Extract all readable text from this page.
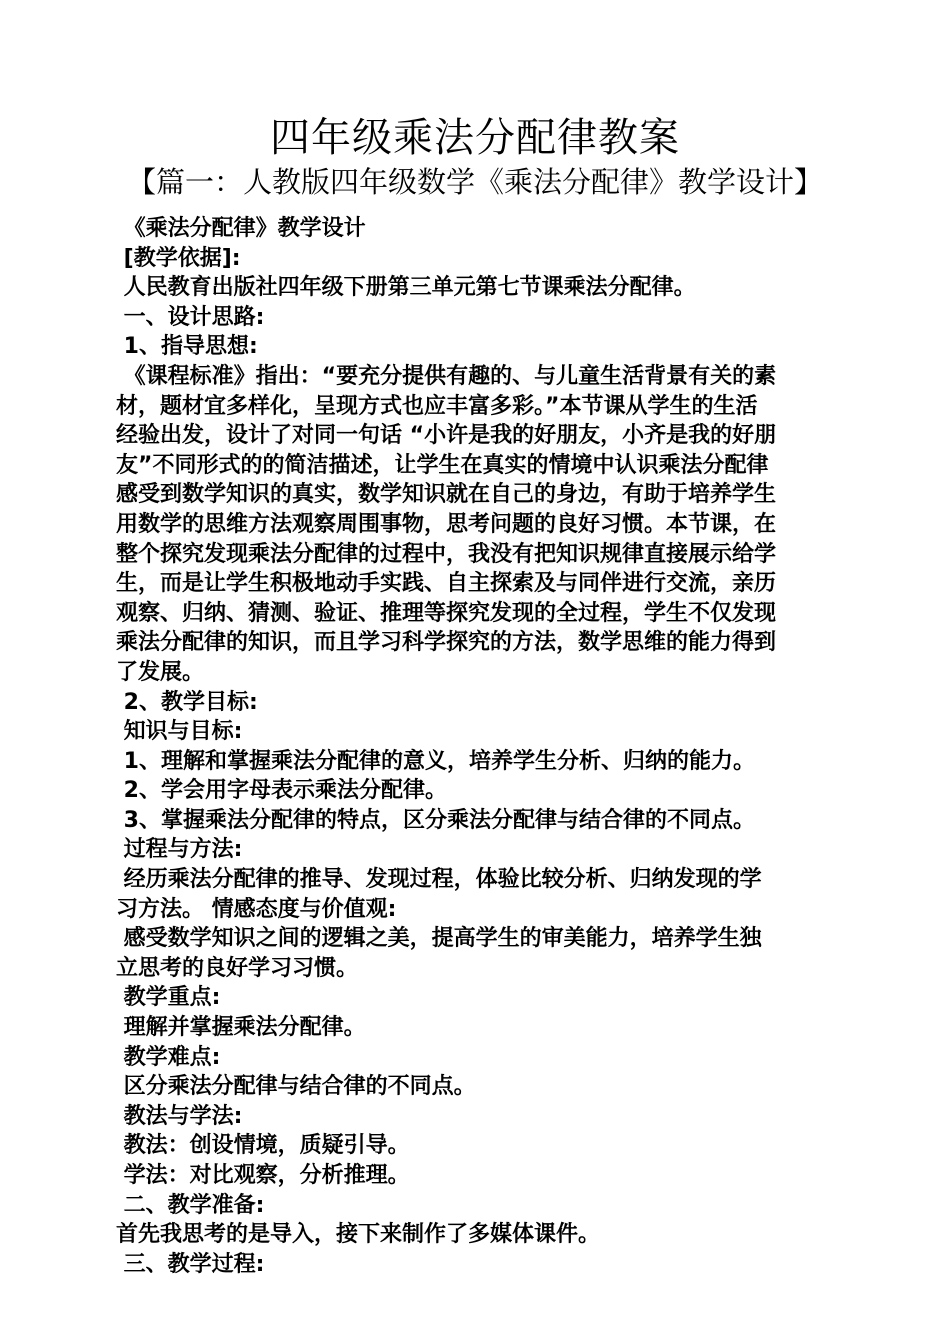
四年级乘法分配律教案
【篇一：人教版四年级数学《乘法分配律》教学设计】

《乘法分配律》教学设计

[教学依据]:

人民教育出版社四年级下册第三单元第七节课乘法分配律。

一、设计思路:

1、指导思想:

《课程标准》指出：“要充分提供有趣的、与儿童生活背景有关的素

材，题材宜多样化，呈现方式也应丰富多彩。”本节课从学生的生活

经验出发，设计了对同一句话 “小许是我的好朋友，小齐是我的好朋

友”不同形式的的简洁描述，让学生在真实的情境中认识乘法分配律

感受到数学知识的真实，数学知识就在自己的身边，有助于培养学生

用数学的思维方法观察周围事物，思考问题的良好习惯。本节课，在

整个探究发现乘法分配律的过程中，我没有把知识规律直接展示给学

生，而是让学生积极地动手实践、自主探索及与同伴进行交流，亲历

观察、归纳、猜测、验证、推理等探究发现的全过程，学生不仅发现

乘法分配律的知识，而且学习科学探究的方法，数学思维的能力得到

了发展。

2、教学目标:

知识与目标:

1、理解和掌握乘法分配律的意义，培养学生分析、归纳的能力。

2、学会用字母表示乘法分配律。

3、掌握乘法分配律的特点，区分乘法分配律与结合律的不同点。

过程与方法:

经历乘法分配律的推导、发现过程，体验比较分析、归纳发现的学

习方法。 情感态度与价值观:

感受数学知识之间的逻辑之美，提高学生的审美能力，培养学生独

立思考的良好学习习惯。

教学重点:

理解并掌握乘法分配律。

教学难点:

区分乘法分配律与结合律的不同点。

教法与学法:

教法：创设情境，质疑引导。

学法：对比观察，分析推理。

二、教学准备:

首先我思考的是导入，接下来制作了多媒体课件。

三、教学过程:
